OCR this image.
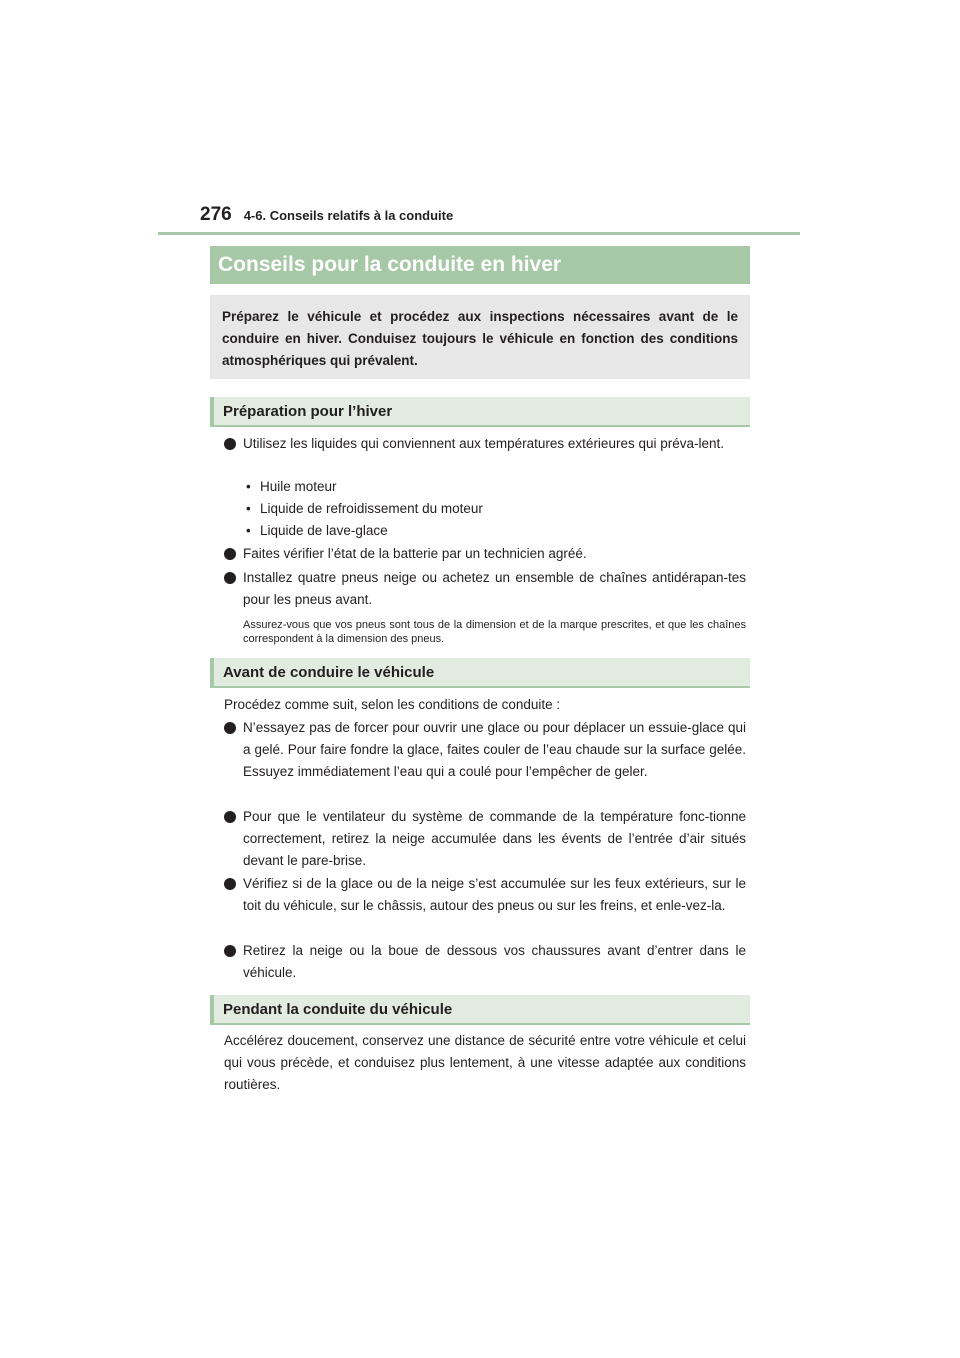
276 4-6. Conseils relatifs à la conduite
Conseils pour la conduite en hiver
Préparez le véhicule et procédez aux inspections nécessaires avant de le conduire en hiver. Conduisez toujours le véhicule en fonction des conditions atmosphériques qui prévalent.
Préparation pour l’hiver
Utilisez les liquides qui conviennent aux températures extérieures qui préva-lent.
• Huile moteur
• Liquide de refroidissement du moteur
• Liquide de lave-glace
Faites vérifier l’état de la batterie par un technicien agréé.
Installez quatre pneus neige ou achetez un ensemble de chaînes antidérapan-tes pour les pneus avant.
Assurez-vous que vos pneus sont tous de la dimension et de la marque prescrites, et que les chaînes correspondent à la dimension des pneus.
Avant de conduire le véhicule
Procédez comme suit, selon les conditions de conduite :
N’essayez pas de forcer pour ouvrir une glace ou pour déplacer un essuie-glace qui a gelé. Pour faire fondre la glace, faites couler de l’eau chaude sur la surface gelée. Essuyez immédiatement l’eau qui a coulé pour l’empêcher de geler.
Pour que le ventilateur du système de commande de la température fonc-tionne correctement, retirez la neige accumulée dans les évents de l’entrée d’air situés devant le pare-brise.
Vérifiez si de la glace ou de la neige s’est accumulée sur les feux extérieurs, sur le toit du véhicule, sur le châssis, autour des pneus ou sur les freins, et enle-vez-la.
Retirez la neige ou la boue de dessous vos chaussures avant d’entrer dans le véhicule.
Pendant la conduite du véhicule
Accélérez doucement, conservez une distance de sécurité entre votre véhicule et celui qui vous précède, et conduisez plus lentement, à une vitesse adaptée aux conditions routières.
